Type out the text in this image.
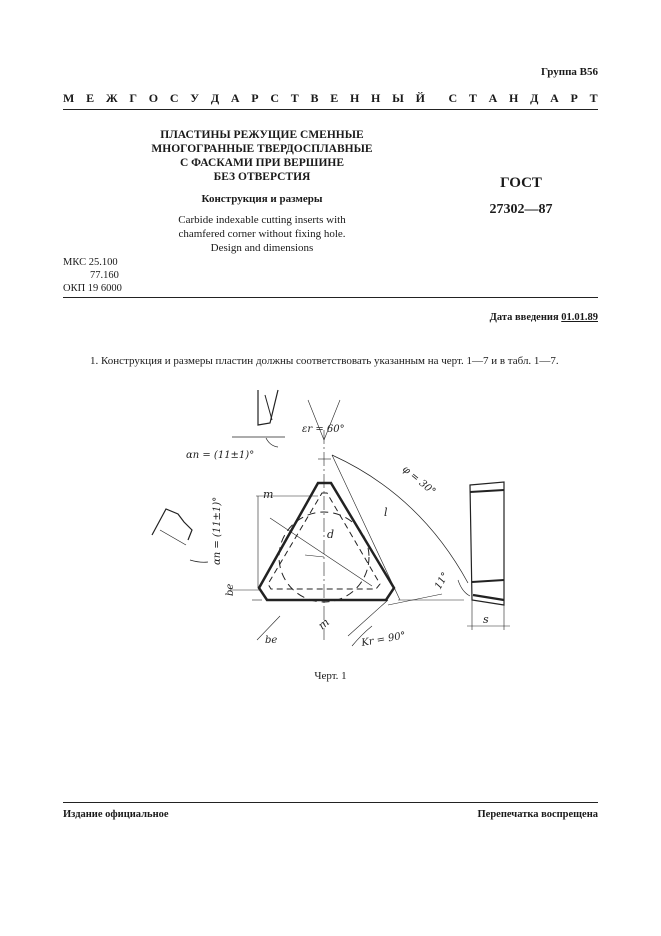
Группа В56
М Е Ж Г О С У Д А Р С Т В Е Н Н Ы Й С Т А Н Д А Р Т
ПЛАСТИНЫ РЕЖУЩИЕ СМЕННЫЕ
МНОГОГРАННЫЕ ТВЕРДОСПЛАВНЫЕ
С ФАСКАМИ ПРИ ВЕРШИНЕ
БЕЗ ОТВЕРСТИЯ
Конструкция и размеры
Carbide indexable cutting inserts with
chamfered corner without fixing hole.
Design and dimensions
ГОСТ
27302—87
МКС 25.100
77.160
ОКП 19 6000
Дата введения 01.01.89
1. Конструкция и размеры пластин должны соответствовать указанным на черт. 1—7 и в табл. 1—7.
εr = 60°
φ = 30°
αn = (11±1)°
αn = (11±1)°
m
l
d
be
be
m
Kr = 90°
11°
s
Черт. 1
Издание официальное	Перепечатка воспрещена
